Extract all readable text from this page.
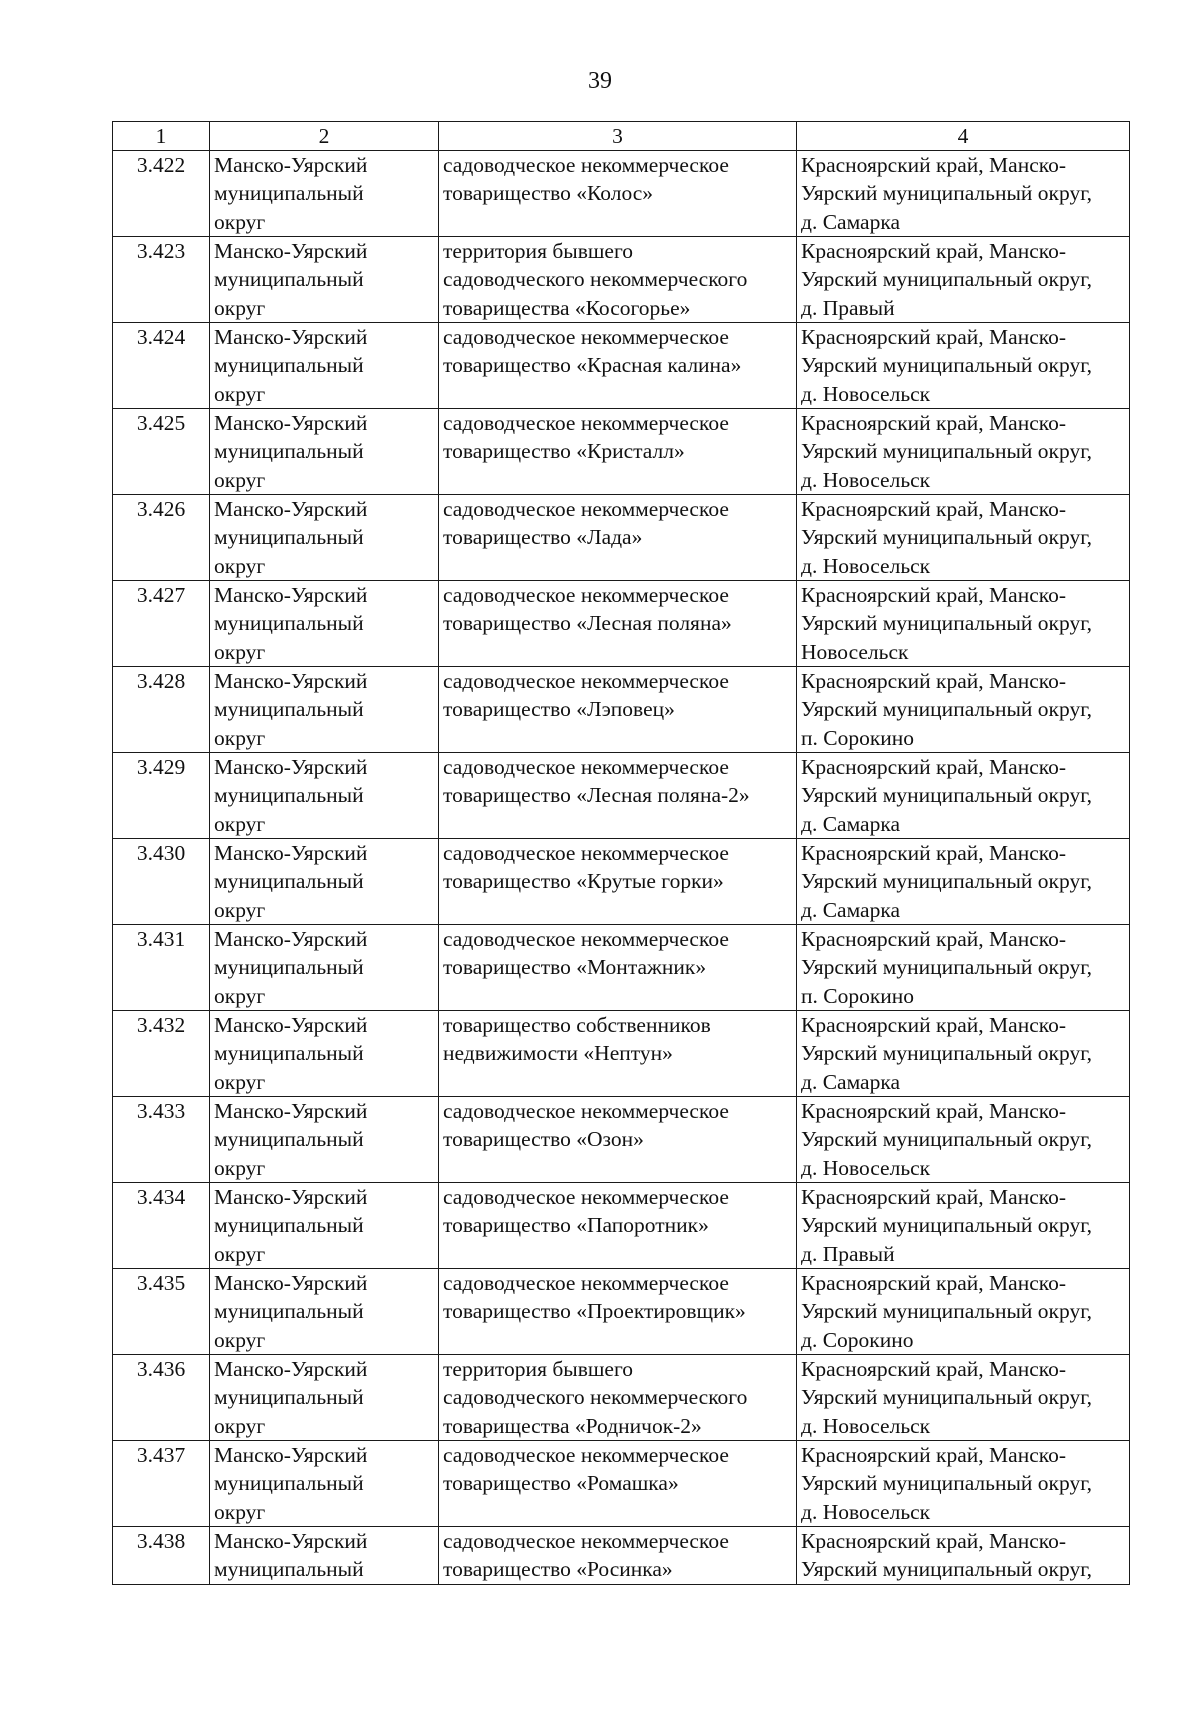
39
1	2	3	4
3.422	Манско-Уярский
муниципальный
округ	садоводческое некоммерческое
товарищество «Колос»	Красноярский край, Манско-
Уярский муниципальный округ,
д. Самарка

3.423	Манско-Уярский
муниципальный
округ	территория бывшего
садоводческого некоммерческого
товарищества «Косогорье»	Красноярский край, Манско-
Уярский муниципальный округ,
д. Правый

3.424	Манско-Уярский
муниципальный
округ	садоводческое некоммерческое
товарищество «Красная калина»	Красноярский край, Манско-
Уярский муниципальный округ,
д. Новосельск

3.425	Манско-Уярский
муниципальный
округ	садоводческое некоммерческое
товарищество «Кристалл»	Красноярский край, Манско-
Уярский муниципальный округ,
д. Новосельск

3.426	Манско-Уярский
муниципальный
округ	садоводческое некоммерческое
товарищество «Лада»	Красноярский край, Манско-
Уярский муниципальный округ,
д. Новосельск

3.427	Манско-Уярский
муниципальный
округ	садоводческое некоммерческое
товарищество «Лесная поляна»	Красноярский край, Манско-
Уярский муниципальный округ,
Новосельск

3.428	Манско-Уярский
муниципальный
округ	садоводческое некоммерческое
товарищество «Лэповец»	Красноярский край, Манско-
Уярский муниципальный округ,
п. Сорокино

3.429	Манско-Уярский
муниципальный
округ	садоводческое некоммерческое
товарищество «Лесная поляна-2»	Красноярский край, Манско-
Уярский муниципальный округ,
д. Самарка

3.430	Манско-Уярский
муниципальный
округ	садоводческое некоммерческое
товарищество «Крутые горки»	Красноярский край, Манско-
Уярский муниципальный округ,
д. Самарка

3.431	Манско-Уярский
муниципальный
округ	садоводческое некоммерческое
товарищество «Монтажник»	Красноярский край, Манско-
Уярский муниципальный округ,
п. Сорокино

3.432	Манско-Уярский
муниципальный
округ	товарищество собственников
недвижимости «Нептун»	Красноярский край, Манско-
Уярский муниципальный округ,
д. Самарка

3.433	Манско-Уярский
муниципальный
округ	садоводческое некоммерческое
товарищество «Озон»	Красноярский край, Манско-
Уярский муниципальный округ,
д. Новосельск

3.434	Манско-Уярский
муниципальный
округ	садоводческое некоммерческое
товарищество «Папоротник»	Красноярский край, Манско-
Уярский муниципальный округ,
д. Правый

3.435	Манско-Уярский
муниципальный
округ	садоводческое некоммерческое
товарищество «Проектировщик»	Красноярский край, Манско-
Уярский муниципальный округ,
д. Сорокино

3.436	Манско-Уярский
муниципальный
округ	территория бывшего
садоводческого некоммерческого
товарищества «Родничок-2»	Красноярский край, Манско-
Уярский муниципальный округ,
д. Новосельск

3.437	Манско-Уярский
муниципальный
округ	садоводческое некоммерческое
товарищество «Ромашка»	Красноярский край, Манско-
Уярский муниципальный округ,
д. Новосельск

3.438	Манско-Уярский
муниципальный	садоводческое некоммерческое
товарищество «Росинка»	Красноярский край, Манско-
Уярский муниципальный округ,
